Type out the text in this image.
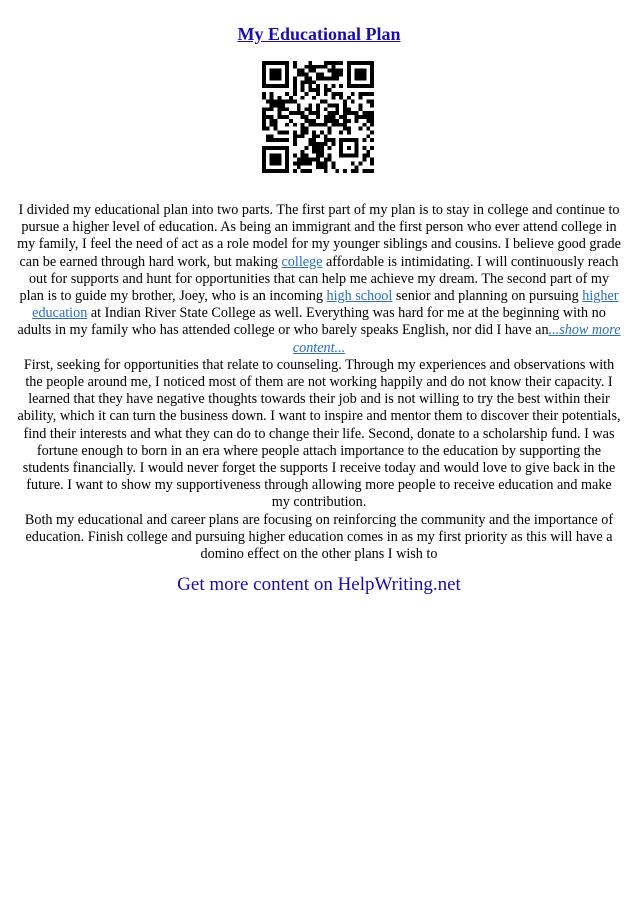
My Educational Plan

I divided my educational plan into two parts. The first part of my plan is to stay in college and continue to pursue a higher level of education. As being an immigrant and the first person who ever attend college in my family, I feel the need of act as a role model for my younger siblings and cousins. I believe good grade can be earned through hard work, but making college affordable is intimidating. I will continuously reach out for supports and hunt for opportunities that can help me achieve my dream. The second part of my plan is to guide my brother, Joey, who is an incoming high school senior and planning on pursuing higher education at Indian River State College as well. Everything was hard for me at the beginning with no adults in my family who has attended college or who barely speaks English, nor did I have an...show more content...

First, seeking for opportunities that relate to counseling. Through my experiences and observations with the people around me, I noticed most of them are not working happily and do not know their capacity. I learned that they have negative thoughts towards their job and is not willing to try the best within their ability, which it can turn the business down. I want to inspire and mentor them to discover their potentials, find their interests and what they can do to change their life. Second, donate to a scholarship fund. I was fortune enough to born in an era where people attach importance to the education by supporting the students financially. I would never forget the supports I receive today and would love to give back in the future. I want to show my supportiveness through allowing more people to receive education and make my contribution.

Both my educational and career plans are focusing on reinforcing the community and the importance of education. Finish college and pursuing higher education comes in as my first priority as this will have a domino effect on the other plans I wish to

Get more content on HelpWriting.net
